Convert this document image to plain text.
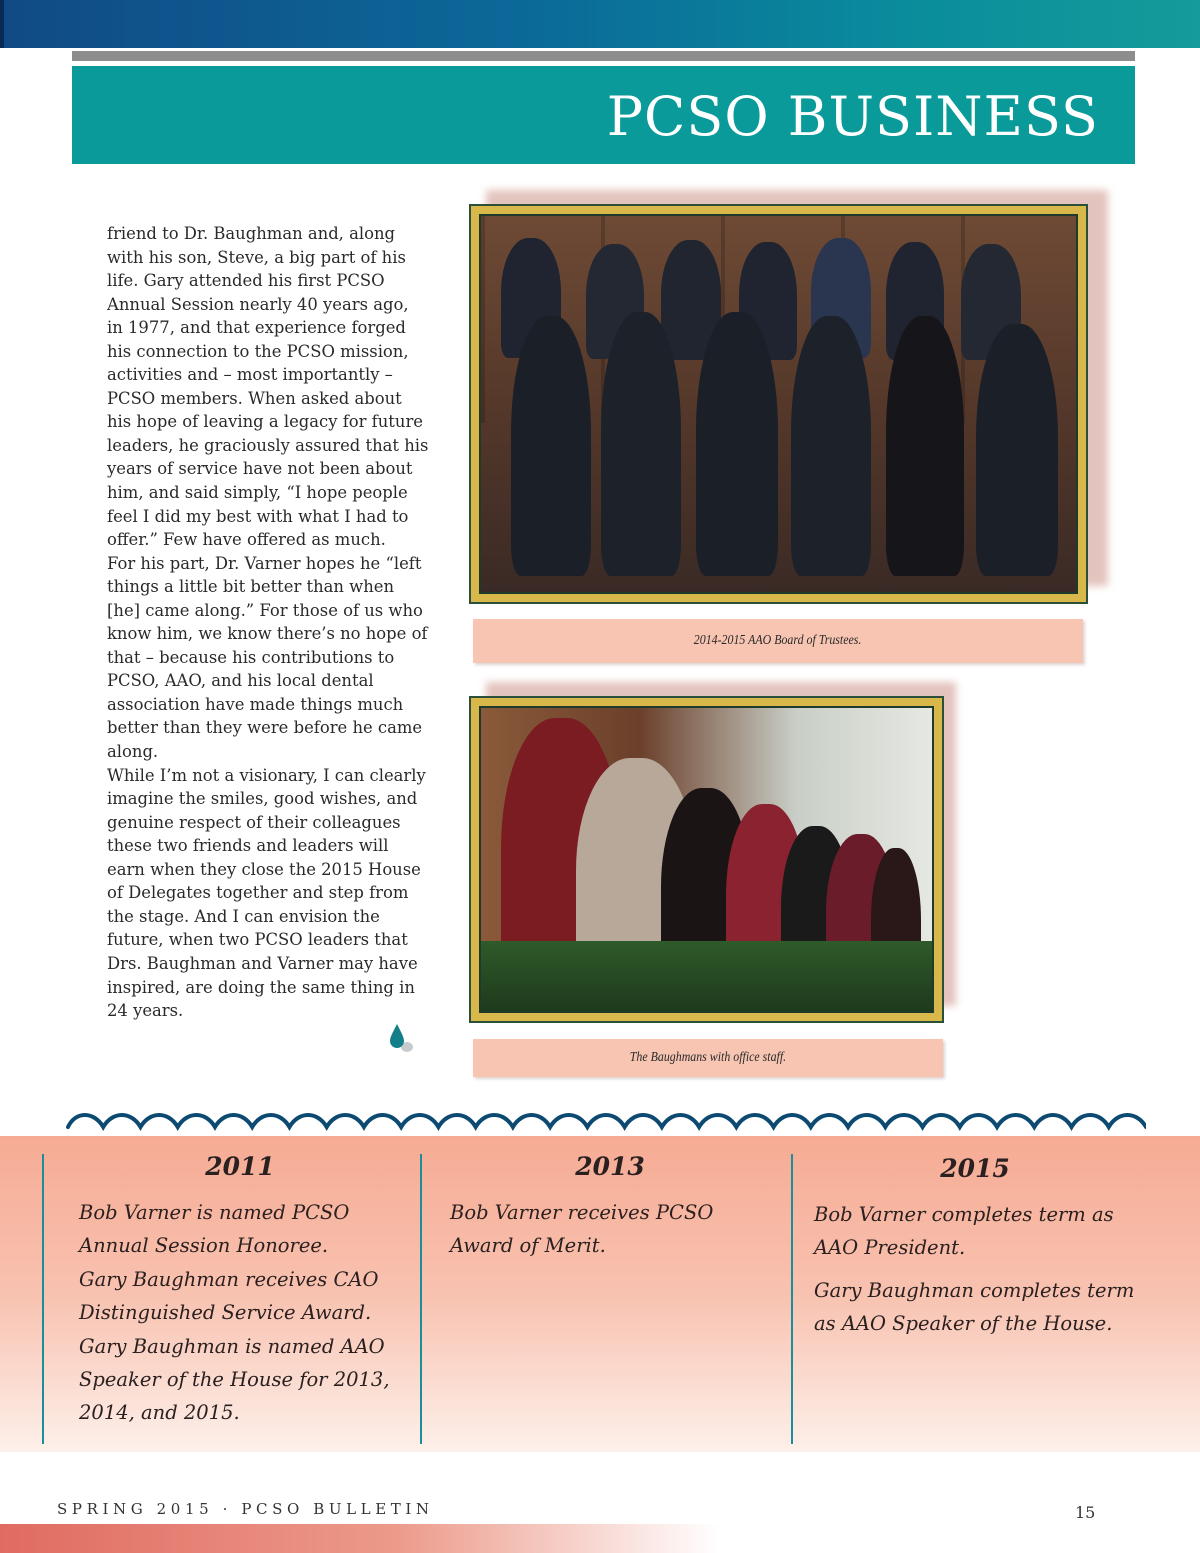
PCSO BUSINESS

friend to Dr. Baughman and, along with his son, Steve, a big part of his life. Gary attended his first PCSO Annual Session nearly 40 years ago, in 1977, and that experience forged his connection to the PCSO mission, activities and – most importantly – PCSO members. When asked about his hope of leaving a legacy for future leaders, he graciously assured that his years of service have not been about him, and said simply, “I hope people feel I did my best with what I had to offer.” Few have offered as much.

For his part, Dr. Varner hopes he “left things a little bit better than when [he] came along.” For those of us who know him, we know there’s no hope of that – because his contributions to PCSO, AAO, and his local dental association have made things much better than they were before he came along.

While I’m not a visionary, I can clearly imagine the smiles, good wishes, and genuine respect of their colleagues these two friends and leaders will earn when they close the 2015 House of Delegates together and step from the stage. And I can envision the future, when two PCSO leaders that Drs. Baughman and Varner may have inspired, are doing the same thing in 24 years.

2014-2015 AAO Board of Trustees.
The Baughmans with office staff.
2011

Bob Varner is named PCSO Annual Session Honoree.

Gary Baughman receives CAO Distinguished Service Award.

Gary Baughman is named AAO Speaker of the House for 2013, 2014, and 2015.

2013

Bob Varner receives PCSO Award of Merit.

2015

Bob Varner completes term as AAO President.

Gary Baughman completes term as AAO Speaker of the House.

SPRING 2015 · PCSO BULLETIN	15
